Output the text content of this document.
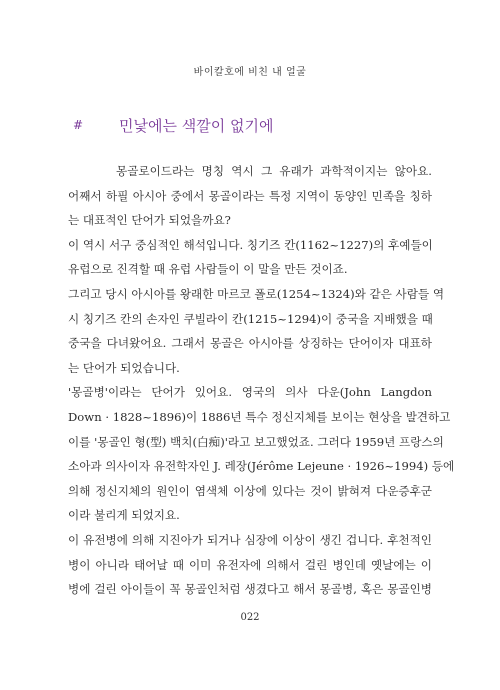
바이칼호에 비친 내 얼굴
# 민낯에는 색깔이 없기에
몽골로이드라는 명칭 역시 그 유래가 과학적이지는 않아요.
어째서 하필 아시아 중에서 몽골이라는 특정 지역이 동양인 민족을 칭하
는 대표적인 단어가 되었을까요?
이 역시 서구 중심적인 해석입니다. 칭기즈 칸(1162~1227)의 후예들이
유럽으로 진격할 때 유럽 사람들이 이 말을 만든 것이죠.
그리고 당시 아시아를 왕래한 마르코 폴로(1254~1324)와 같은 사람들 역
시 칭기즈 칸의 손자인 쿠빌라이 칸(1215~1294)이 중국을 지배했을 때
중국을 다녀왔어요. 그래서 몽골은 아시아를 상징하는 단어이자 대표하
는 단어가 되었습니다.
'몽골병'이라는 단어가 있어요. 영국의 의사 다운(John Langdon
Down · 1828~1896)이 1886년 특수 정신지체를 보이는 현상을 발견하고
이를 '몽골인 형(型) 백치(白痴)'라고 보고했었죠. 그러다 1959년 프랑스의
소아과 의사이자 유전학자인 J. 레장(Jérôme Lejeune · 1926~1994) 등에
의해 정신지체의 원인이 염색체 이상에 있다는 것이 밝혀져 다운증후군
이라 불리게 되었지요.
이 유전병에 의해 지진아가 되거나 심장에 이상이 생긴 겁니다. 후천적인
병이 아니라 태어날 때 이미 유전자에 의해서 걸린 병인데 옛날에는 이
병에 걸린 아이들이 꼭 몽골인처럼 생겼다고 해서 몽골병, 혹은 몽골인병
022
